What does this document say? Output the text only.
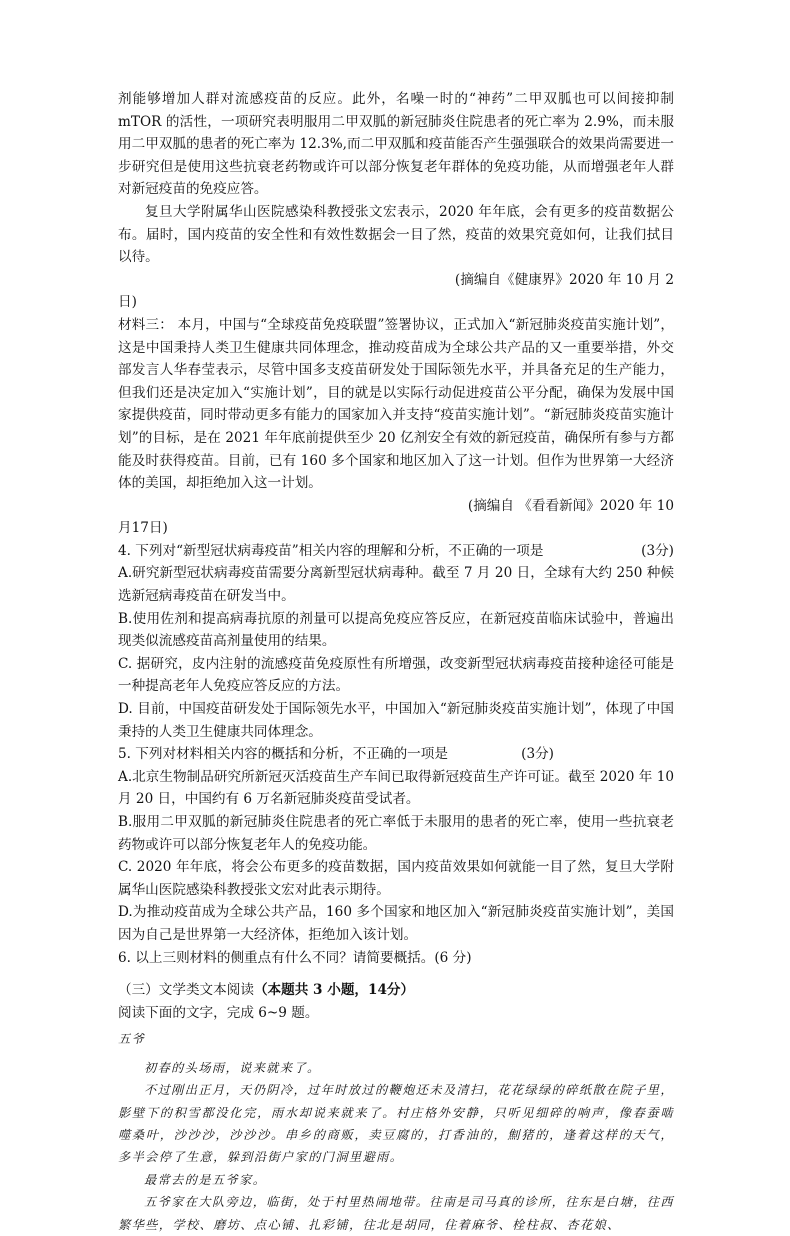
剂能够增加人群对流感疫苗的反应。此外，名噪一时的“神药”二甲双胍也可以间接抑制mTOR 的活性，一项研究表明服用二甲双胍的新冠肺炎住院患者的死亡率为 2.9%，而未服用二甲双胍的患者的死亡率为 12.3%,而二甲双胍和疫苗能否产生强强联合的效果尚需要进一步研究但是使用这些抗衰老药物或许可以部分恢复老年群体的免疫功能，从而增强老年人群对新冠疫苗的免疫应答。

复旦大学附属华山医院感染科教授张文宏表示，2020 年年底，会有更多的疫苗数据公布。届时，国内疫苗的安全性和有效性数据会一目了然，疫苗的效果究竟如何，让我们拭目以待。

(摘编自《健康界》2020 年 10 月 2

日)

材料三： 本月，中国与“全球疫苗免疫联盟”签署协议，正式加入“新冠肺炎疫苗实施计划”，这是中国秉持人类卫生健康共同体理念，推动疫苗成为全球公共产品的又一重要举措，外交部发言人华春莹表示，尽管中国多支疫苗研发处于国际领先水平，并具备充足的生产能力，但我们还是决定加入“实施计划”，目的就是以实际行动促进疫苗公平分配，确保为发展中国家提供疫苗，同时带动更多有能力的国家加入并支持“疫苗实施计划”。“新冠肺炎疫苗实施计划”的目标，是在 2021 年年底前提供至少 20 亿剂安全有效的新冠疫苗，确保所有参与方都能及时获得疫苗。目前，已有 160 多个国家和地区加入了这一计划。但作为世界第一大经济体的美国，却拒绝加入这一计划。

(摘编自 《看看新闻》2020 年 10

月17日)

4. 下列对“新型冠状病毒疫苗”相关内容的理解和分析，不正确的一项是	(3分)

A.研究新型冠状病毒疫苗需要分离新型冠状病毒种。截至 7 月 20 日，全球有大约 250 种候选新冠病毒疫苗在研发当中。

B.使用佐剂和提高病毒抗原的剂量可以提高免疫应答反应，在新冠疫苗临床试验中，普遍出现类似流感疫苗高剂量使用的结果。

C. 据研究，皮内注射的流感疫苗免疫原性有所增强，改变新型冠状病毒疫苗接种途径可能是一种提高老年人免疫应答反应的方法。

D. 目前，中国疫苗研发处于国际领先水平，中国加入“新冠肺炎疫苗实施计划”，体现了中国秉持的人类卫生健康共同体理念。

5. 下列对材料相关内容的概括和分析，不正确的一项是	(3分)

A.北京生物制品研究所新冠灭活疫苗生产车间已取得新冠疫苗生产许可证。截至 2020 年 10 月 20 日，中国约有 6 万名新冠肺炎疫苗受试者。

B.服用二甲双胍的新冠肺炎住院患者的死亡率低于未服用的患者的死亡率，使用一些抗衰老药物或许可以部分恢复老年人的免疫功能。

C. 2020 年年底，将会公布更多的疫苗数据，国内疫苗效果如何就能一目了然，复旦大学附属华山医院感染科教授张文宏对此表示期待。

D.为推动疫苗成为全球公共产品，160 多个国家和地区加入“新冠肺炎疫苗实施计划”，美国因为自己是世界第一大经济体，拒绝加入该计划。

6. 以上三则材料的侧重点有什么不同？请简要概括。(6 分)

（三）文学类文本阅读（本题共 3 小题，14分）

阅读下面的文字，完成 6~9 题。

五爷

初春的头场雨，说来就来了。

不过刚出正月，天仍阴冷，过年时放过的鞭炮还未及清扫，花花绿绿的碎纸散在院子里，影壁下的积雪都没化完，雨水却说来就来了。村庄格外安静，只听见细碎的响声，像春蚕啮噬桑叶，沙沙沙，沙沙沙。串乡的商贩，卖豆腐的，打香油的，劁猪的，逢着这样的天气，多半会停了生意，躲到沿街户家的门洞里避雨。

最常去的是五爷家。

五爷家在大队旁边，临街，处于村里热闹地带。往南是司马真的诊所，往东是白塘，往西繁华些，学校、磨坊、点心铺、扎彩铺，往北是胡同，住着麻爷、栓柱叔、杏花娘、
